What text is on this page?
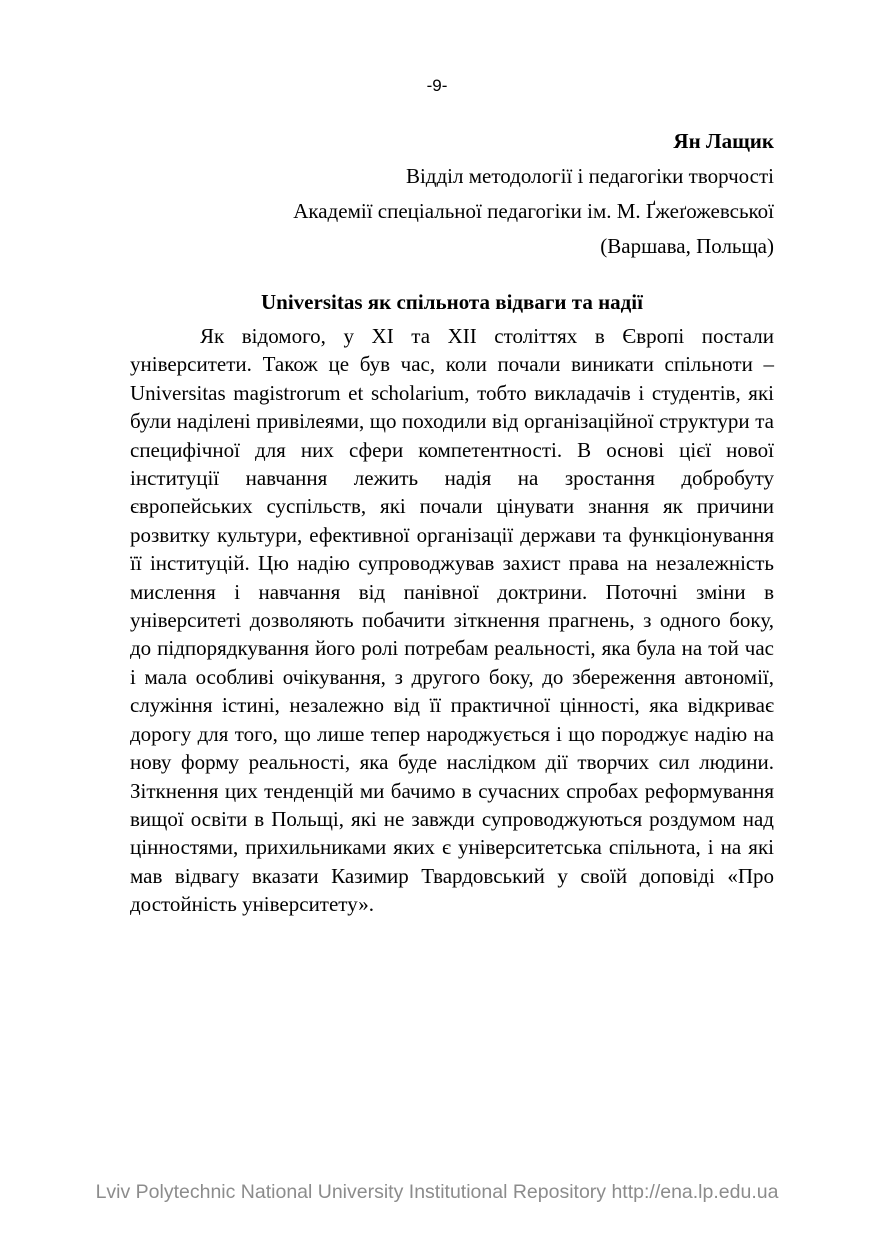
-9-
Ян Лащик
Відділ методології і педагогіки творчості
Академії спеціальної педагогіки ім. М. Ґжеґожевської
(Варшава, Польща)
Universitas як спільнота відваги та надії

Як відомого, у XI та XII століттях в Європі постали університети. Також це був час, коли почали виникати спільноти – Universitas magistrorum et scholarium, тобто викладачів і студентів, які були наділені привілеями, що походили від організаційної структури та специфічної для них сфери компетентності. В основі цієї нової інституції навчання лежить надія на зростання добробуту європейських суспільств, які почали цінувати знання як причини розвитку культури, ефективної організації держави та функціонування її інституцій. Цю надію супроводжував захист права на незалежність мислення і навчання від панівної доктрини. Поточні зміни в університеті дозволяють побачити зіткнення прагнень, з одного боку, до підпорядкування його ролі потребам реальності, яка була на той час і мала особливі очікування, з другого боку, до збереження автономії, служіння істині, незалежно від її практичної цінності, яка відкриває дорогу для того, що лише тепер народжується і що породжує надію на нову форму реальності, яка буде наслідком дії творчих сил людини. Зіткнення цих тенденцій ми бачимо в сучасних спробах реформування вищої освіти в Польщі, які не завжди супроводжуються роздумом над цінностями, прихильниками яких є університетська спільнота, і на які мав відвагу вказати Казимир Твардовський у своїй доповіді «Про достойність університету».

Lviv Polytechnic National University Institutional Repository http://ena.lp.edu.ua
